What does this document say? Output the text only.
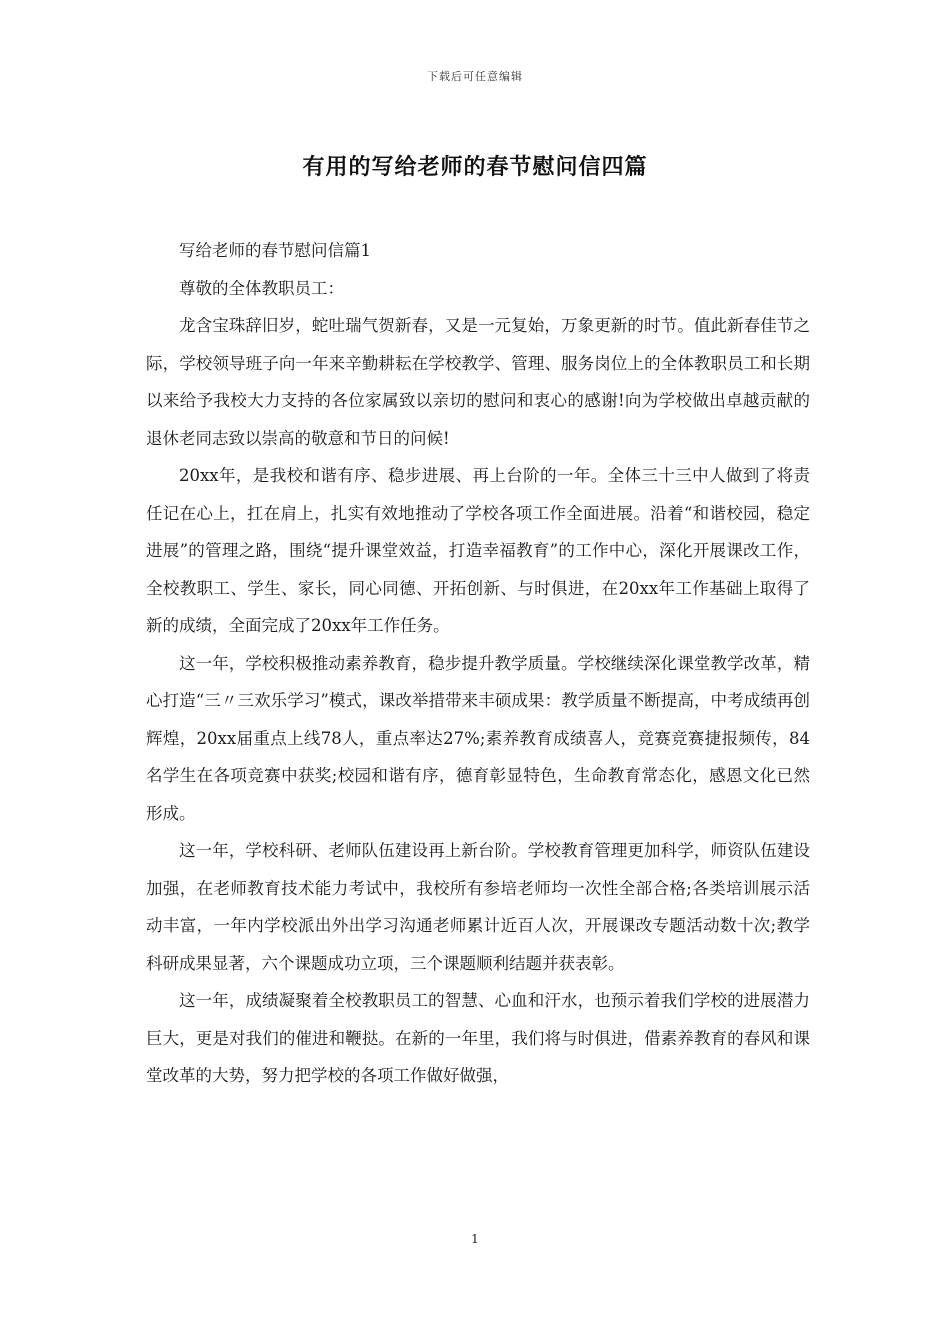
下载后可任意编辑
有用的写给老师的春节慰问信四篇

写给老师的春节慰问信篇1

尊敬的全体教职员工：

龙含宝珠辞旧岁，蛇吐瑞气贺新春，又是一元复始，万象更新的时节。值此新春佳节之际，学校领导班子向一年来辛勤耕耘在学校教学、管理、服务岗位上的全体教职员工和长期以来给予我校大力支持的各位家属致以亲切的慰问和衷心的感谢!向为学校做出卓越贡献的退休老同志致以崇高的敬意和节日的问候!

20xx年，是我校和谐有序、稳步进展、再上台阶的一年。全体三十三中人做到了将责任记在心上，扛在肩上，扎实有效地推动了学校各项工作全面进展。沿着“和谐校园，稳定进展”的管理之路，围绕“提升课堂效益，打造幸福教育”的工作中心，深化开展课改工作，全校教职工、学生、家长，同心同德、开拓创新、与时俱进，在20xx年工作基础上取得了新的成绩，全面完成了20xx年工作任务。

这一年，学校积极推动素养教育，稳步提升教学质量。学校继续深化课堂教学改革，精心打造“三〃三欢乐学习”模式，课改举措带来丰硕成果：教学质量不断提高，中考成绩再创辉煌，20xx届重点上线78人，重点率达27%;素养教育成绩喜人，竞赛竞赛捷报频传，84名学生在各项竞赛中获奖;校园和谐有序，德育彰显特色，生命教育常态化，感恩文化已然形成。

这一年，学校科研、老师队伍建设再上新台阶。学校教育管理更加科学，师资队伍建设加强，在老师教育技术能力考试中，我校所有参培老师均一次性全部合格;各类培训展示活动丰富，一年内学校派出外出学习沟通老师累计近百人次，开展课改专题活动数十次;教学科研成果显著，六个课题成功立项，三个课题顺利结题并获表彰。

这一年，成绩凝聚着全校教职员工的智慧、心血和汗水，也预示着我们学校的进展潜力巨大，更是对我们的催进和鞭挞。在新的一年里，我们将与时俱进，借素养教育的春风和课堂改革的大势，努力把学校的各项工作做好做强，

1
